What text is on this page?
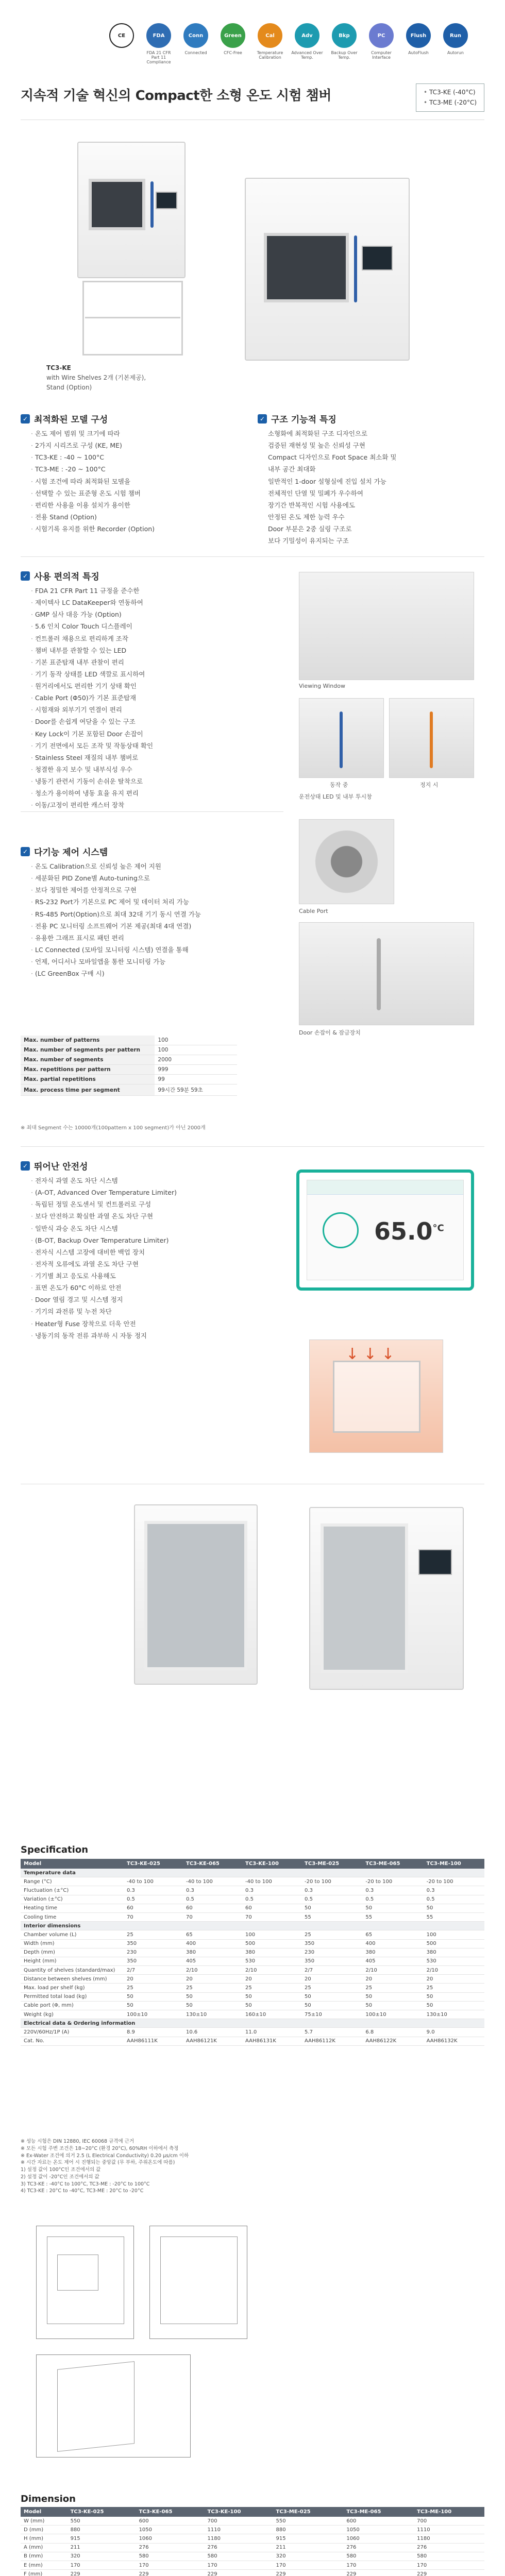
CE	FDA
FDA 21 CFR Part 11 Compliance
Conn
Connected
Green
CFC-Free
Cal
Temperature Calibration
Adv
Advanced Over Temp.
Bkp
Backup Over Temp.
PC
Computer Interface
Flush
AutoFlush
Run
Autorun
지속적 기술 혁신의 Compact한 소형 온도 시험 챔버	• TC3-KE (-40°C)
• TC3-ME (-20°C)
TC3-KE
with Wire Shelves 2개 (기본제공),
Stand (Option)
✓ 최적화된 모델 구성
· 온도 제어 범위 및 크기에 따라
· 2가지 시리즈로 구성 (KE, ME)
· TC3-KE : -40 ~ 100°C
· TC3-ME : -20 ~ 100°C
· 시험 조건에 따라 최적화된 모델을
· 선택할 수 있는 표준형 온도 시험 챔버
· 편리한 사용을 이용 설치가 용이한
· 전용 Stand (Option)
· 시험기록 유지를 위한 Recorder (Option)
✓ 구조 기능적 특징
소형화에 최적화된 구조 디자인으로
검증된 재현성 및 높은 신뢰성 구현
Compact 디자인으로 Foot Space 최소화 및
내부 공간 최대화
일반적인 1-door 설형실에 진입 설치 가능
전체적인 단열 및 밀폐가 우수하여
장기간 반복적인 시험 사용에도
안정된 온도 제한 능력 우수
Door 부분은 2중 실링 구조로
보다 기밀성이 유지되는 구조
✓ 사용 편의적 특징
· FDA 21 CFR Part 11 규정을 준수한
· 제이텍사 LC DataKeeper와 연동하여
· GMP 실사 대응 가능 (Option)
· 5.6 인치 Color Touch 디스플레이
· 컨트롤러 채용으로 편리하게 조작
· 챔버 내부를 관찰할 수 있는 LED
· 기본 표준탑재 내부 관찰이 편리
· 기기 동작 상태를 LED 색깔로 표시하여
· 원거리에서도 편리한 기기 상태 확인
· Cable Port (Φ50)가 기본 표준탑재
· 시험재와 외부기기 연결이 편리
· Door를 손쉽게 여닫을 수 있는 구조
· Key Lock이 기본 포함된 Door 손잡이
· 기기 전면에서 모든 조작 및 작동상태 확인
· Stainless Steel 재질의 내부 챔버로
· 청결한 유지 보수 및 내부식성 우수
· 냉동기 관련서 기동이 손쉬운 탈착으로
· 청소가 용이하여 냉동 효율 유지 편리
· 이동/고정이 편리한 캐스터 장착
Viewing Window
동작 중	정지 시
운전상태 LED 및 내부 투시창
Cable Port
✓ 다기능 제어 시스템
· 온도 Calibration으로 신뢰성 높은 제어 지원
· 세분화된 PID Zone별 Auto-tuning으로
· 보다 정밀한 제어를 안정적으로 구현
· RS-232 Port가 기본으로 PC 제어 및 데이터 처리 가능
· RS-485 Port(Option)으로 최대 32대 기기 동시 연결 가능
· 전용 PC 모니터링 소프트웨어 기본 제공(최대 4대 연결)
· 유용한 그래프 표시로 패턴 편리
· LC Connected (모바일 모니터링 시스템) 연결을 통해
· 언제, 어디서나 모바일앱을 통한 모니터링 가능
· (LC GreenBox 구매 시)
Door 손잡이 & 잠금장치
Max. number of patterns	100
Max. number of segments per pattern	100
Max. number of segments	2000
Max. repetitions per pattern	999
Max. partial repetitions	99
Max. process time per segment	99시간 59분 59초
※ 최대 Segment 수는 10000개(100pattern x 100 segment)가 아닌 2000개
✓ 뛰어난 안전성
· 전자식 과열 온도 차단 시스템
· (A-OT, Advanced Over Temperature Limiter)
· 독립된 정밀 온도센서 및 컨트롤러로 구성
· 보다 안전하고 확실한 과열 온도 차단 구현
· 일반식 과승 온도 차단 시스템
· (B-OT, Backup Over Temperature Limiter)
· 전자식 시스템 고장에 대비한 백업 장치
· 전자적 오류에도 과열 온도 차단 구현
· 기기별 최고 응도로 사용해도
· 표면 온도가 60°C 이하로 안전
· Door 열림 경고 및 시스템 정지
· 기기의 과전류 및 누전 차단
· Heater형 Fuse 장착으로 더욱 안전
· 냉동기의 동작 전류 과부하 시 자동 정지
$65.0^{^\circ C}$
↓ ↓ ↓
Specification
Model	TC3-KE-025	TC3-KE-065	TC3-KE-100	TC3-ME-025	TC3-ME-065	TC3-ME-100
Temperature data						
Range (°C)	-40 to 100	-40 to 100	-40 to 100	-20 to 100	-20 to 100	-20 to 100
Fluctuation (±°C)	0.3	0.3	0.3	0.3	0.3	0.3
Variation (±°C)	0.5	0.5	0.5	0.5	0.5	0.5
Heating time	60	60	60	50	50	50
Cooling time	70	70	70	55	55	55
Interior dimensions						
Chamber volume (L)	25	65	100	25	65	100
Width (mm)	350	400	500	350	400	500
Depth (mm)	230	380	380	230	380	380
Height (mm)	350	405	530	350	405	530
Quantity of shelves (standard/max)	2/7	2/10	2/10	2/7	2/10	2/10
Distance between shelves (mm)	20	20	20	20	20	20
Max. load per shelf (kg)	25	25	25	25	25	25
Permitted total load (kg)	50	50	50	50	50	50
Cable port (Φ, mm)	50	50	50	50	50	50
Weight (kg)	100±10	130±10	160±10	75±10	100±10	130±10
Electrical data & Ordering information						
220V/60Hz/1P (A)	8.9	10.6	11.0	5.7	6.8	9.0
Cat. No.	AAH86111K	AAH86121K	AAH86131K	AAH86112K	AAH86122K	AAH86132K
※ 성능 시험은 DIN 12880, IEC 60068 규격에 근거
※ 모든 시험 주변 조건은 18~20°C (환경 20°C), 60%RH 이하에서 측정
※ Ex-Water 조건에 의거 2.5 (L Electrical Conductivity) 0.20 μs/cm 이하
※ 시간 자료는 온도 제어 시 진행되는 중앙값 (무 부하, 주위온도에 따름)
1) 설정 값이 100°C인 조건에서의 값
2) 설정 값이 -20°C인 조건에서의 값
3) TC3-KE : -40°C to 100°C, TC3-ME : -20°C to 100°C
4) TC3-KE : 20°C to -40°C, TC3-ME : 20°C to -20°C
Dimension
Model	TC3-KE-025	TC3-KE-065	TC3-KE-100	TC3-ME-025	TC3-ME-065	TC3-ME-100
W (mm)	550	600	700	550	600	700
D (mm)	880	1050	1110	880	1050	1110
H (mm)	915	1060	1180	915	1060	1180
A (mm)	211	276	276	211	276	276
B (mm)	320	580	580	320	580	580
E (mm)	170	170	170	170	170	170
F (mm)	229	229	229	229	229	229
